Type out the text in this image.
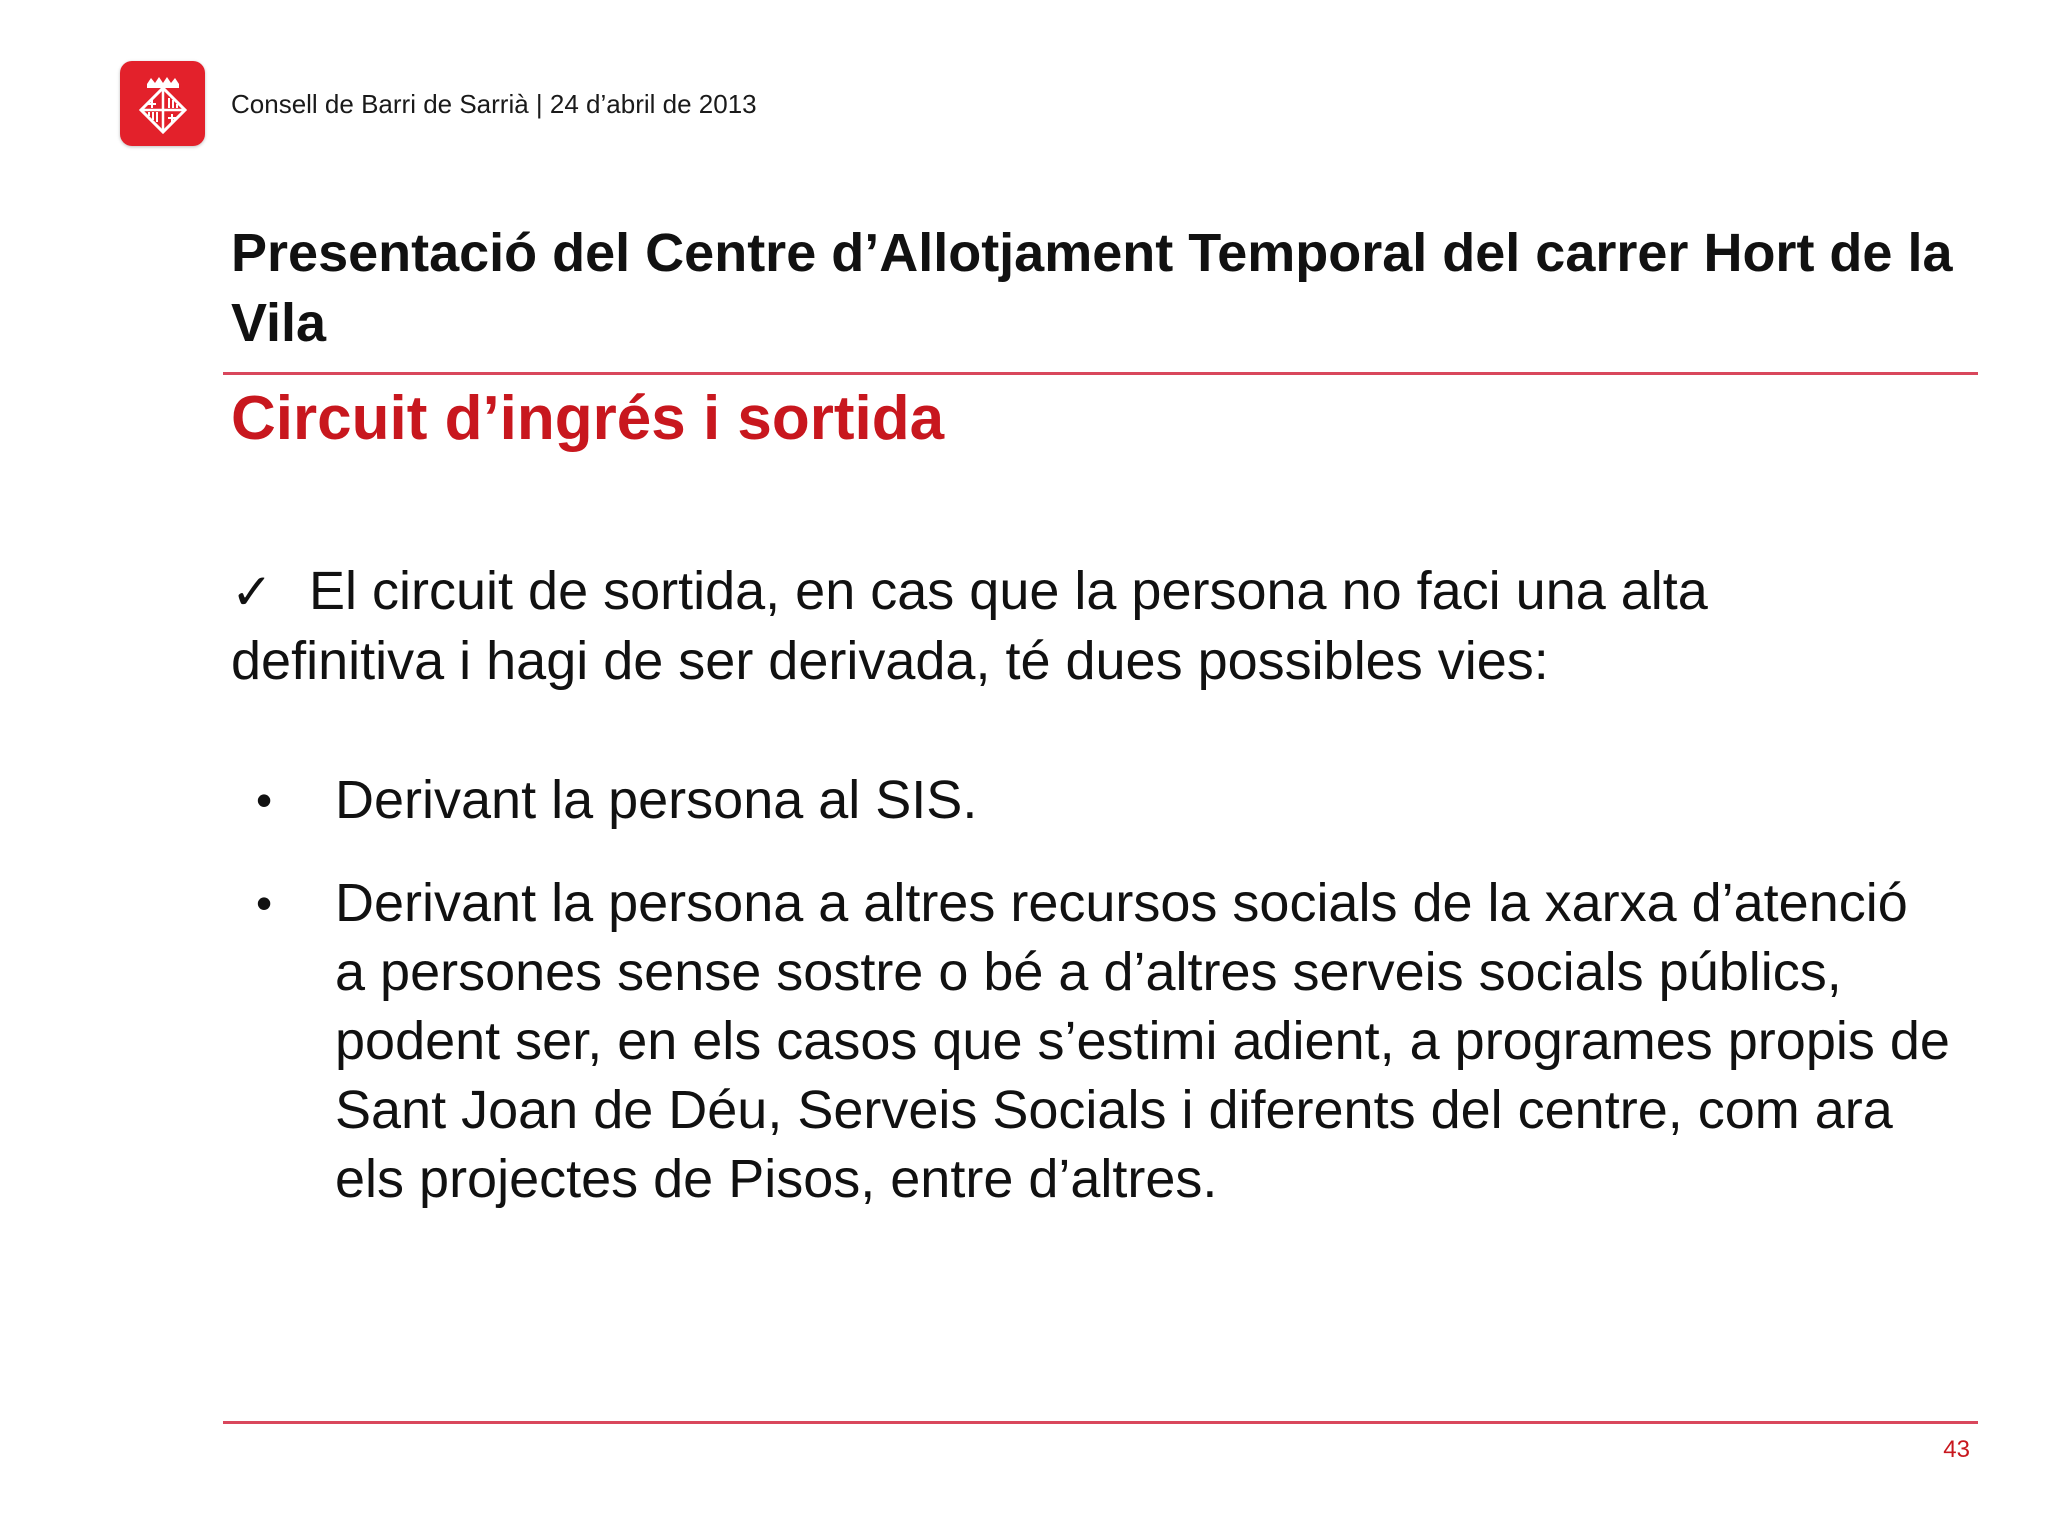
Consell de Barri de Sarrià | 24 d’abril de 2013
Presentació del Centre d’Allotjament Temporal del carrer Hort de la Vila
Circuit d’ingrés i sortida

✓ El circuit de sortida, en cas que la persona no faci una alta definitiva i hagi de ser derivada, té dues possibles vies:

• Derivant la persona al SIS.
• Derivant la persona a altres recursos socials de la xarxa d’atenció a persones sense sostre o bé a d’altres serveis socials públics, podent ser, en els casos que s’estimi adient, a programes propis de Sant Joan de Déu, Serveis Socials i diferents del centre, com ara els projectes de Pisos, entre d’altres.
43
